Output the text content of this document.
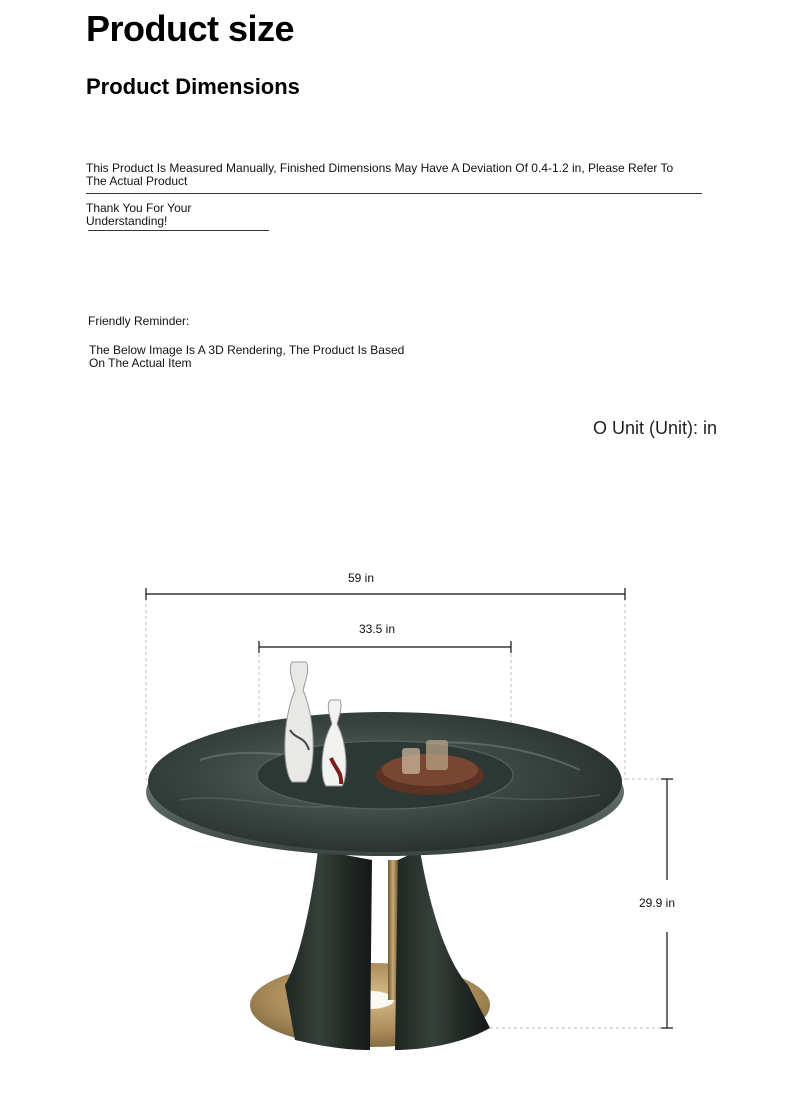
Product size
Product Dimensions
This Product Is Measured Manually, Finished Dimensions May Have A Deviation Of 0.4-1.2 in, Please Refer To The Actual Product
Thank You For Your Understanding!
Friendly Reminder:
The Below Image Is A 3D Rendering, The Product Is Based On The Actual Item
O Unit (Unit): in
59 in
33.5 in
29.9 in
